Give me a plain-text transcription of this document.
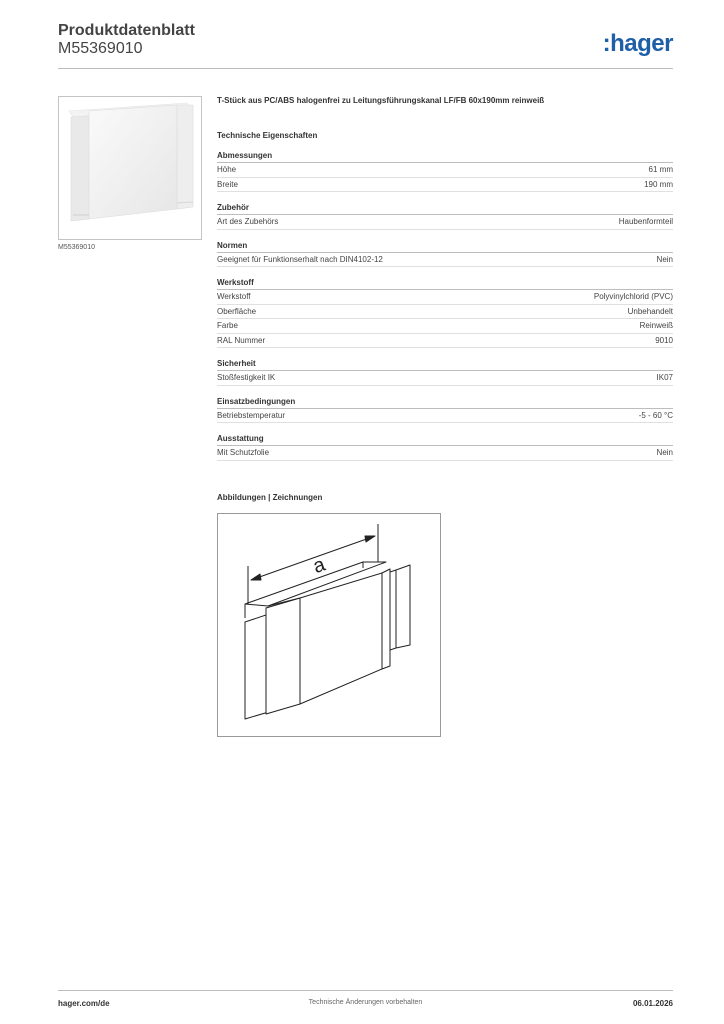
Produktdatenblatt
M55369010	:hager
M55369010
T-Stück aus PC/ABS halogenfrei zu Leitungsführungskanal LF/FB 60x190mm reinweiß
Technische Eigenschaften
Abmessungen
Höhe	61 mm
Breite	190 mm
Zubehör
Art des Zubehörs	Haubenformteil
Normen
Geeignet für Funktionserhalt nach DIN4102-12	Nein
Werkstoff
Werkstoff	Polyvinylchlorid (PVC)
Oberfläche	Unbehandelt
Farbe	Reinweiß
RAL Nummer	9010
Sicherheit
Stoßfestigkeit IK	IK07
Einsatzbedingungen
Betriebstemperatur	-5 - 60 °C
Ausstattung
Mit Schutzfolie	Nein
Abbildungen | Zeichnungen
a
hager.com/de	Technische Änderungen vorbehalten	06.01.2026
